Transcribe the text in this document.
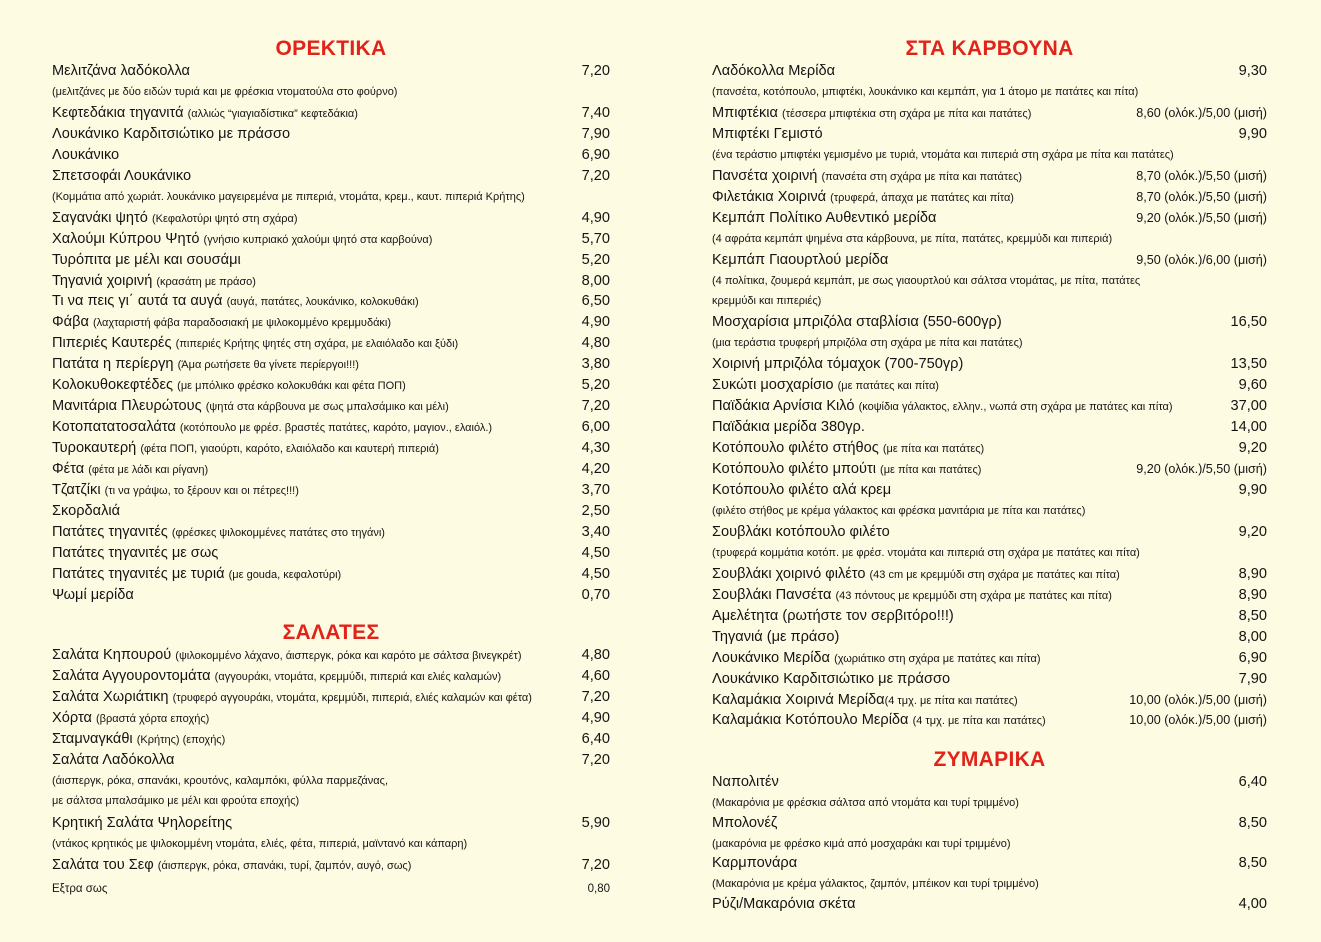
ΟΡΕΚΤΙΚΑ
Μελιτζάνα λαδόκολλα	7,20
(μελιτζάνες με δύο ειδών τυριά και με φρέσκια ντοματούλα στο φούρνο)
Κεφτεδάκια τηγανιτά (αλλιώς “γιαγιαδίστικα” κεφτεδάκια)	7,40
Λουκάνικο Καρδιτσιώτικο με πράσσο	7,90
Λουκάνικο	6,90
Σπετσοφάι Λουκάνικο	7,20
(Κομμάτια από χωριάτ. λουκάνικο μαγειρεμένα με πιπεριά, ντομάτα, κρεμ., καυτ. πιπεριά Κρήτης)
Σαγανάκι ψητό (Κεφαλοτύρι ψητό στη σχάρα)	4,90
Χαλούμι Κύπρου Ψητό (γνήσιο κυπριακό χαλούμι ψητό στα καρβούνα)	5,70
Τυρόπιτα με μέλι και σουσάμι	5,20
Τηγανιά χοιρινή (κρασάτη με πράσο)	8,00
Τι να πεις γι΄ αυτά τα αυγά (αυγά, πατάτες, λουκάνικο, κολοκυθάκι)	6,50
Φάβα (λαχταριστή φάβα παραδοσιακή με ψιλοκομμένο κρεμμυδάκι)	4,90
Πιπεριές Καυτερές (πιπεριές Κρήτης ψητές στη σχάρα, με ελαιόλαδο και ξύδι)	4,80
Πατάτα η περίεργη (Άμα ρωτήσετε θα γίνετε περίεργοι!!!)	3,80
Κολοκυθοκεφτέδες (με μπόλικο φρέσκο κολοκυθάκι και φέτα ΠΟΠ)	5,20
Μανιτάρια Πλευρώτους (ψητά στα κάρβουνα με σως μπαλσάμικο και μέλι)	7,20
Κοτοπατατοσαλάτα (κοτόπουλο με φρέσ. βραστές πατάτες, καρότο, μαγιον., ελαιόλ.)	6,00
Τυροκαυτερή (φέτα ΠΟΠ, γιαούρτι, καρότο, ελαιόλαδο και καυτερή πιπεριά)	4,30
Φέτα (φέτα με λάδι και ρίγανη)	4,20
Τζατζίκι (τι να γράψω, το ξέρουν και οι πέτρες!!!)	3,70
Σκορδαλιά	2,50
Πατάτες τηγανιτές (φρέσκες ψιλοκομμένες πατάτες στο τηγάνι)	3,40
Πατάτες τηγανιτές με σως	4,50
Πατάτες τηγανιτές με τυριά (με gouda, κεφαλοτύρι)	4,50
Ψωμί μερίδα	0,70
ΣΑΛΑΤΕΣ
Σαλάτα Κηπουρού (ψιλοκομμένο λάχανο, άισπεργκ, ρόκα και καρότο με σάλτσα βινεγκρέτ)	4,80
Σαλάτα Αγγουροντομάτα (αγγουράκι, ντομάτα, κρεμμύδι, πιπεριά και ελιές καλαμών)	4,60
Σαλάτα Χωριάτικη (τρυφερό αγγουράκι, ντομάτα, κρεμμύδι, πιπεριά, ελιές καλαμών και φέτα)	7,20
Χόρτα (βραστά χόρτα εποχής)	4,90
Σταμναγκάθι (Κρήτης) (εποχής)	6,40
Σαλάτα Λαδόκολλα	7,20
(άισπεργκ, ρόκα, σπανάκι, κρουτόνς, καλαμπόκι, φύλλα παρμεζάνας,
με σάλτσα μπαλσάμικο με μέλι και φρούτα εποχής)
Κρητική Σαλάτα Ψηλορείτης	5,90
(ντάκος κρητικός με ψιλοκομμένη ντομάτα, ελιές, φέτα, πιπεριά, μαϊντανό και κάπαρη)
Σαλάτα του Σεφ (άισπεργκ, ρόκα, σπανάκι, τυρί, ζαμπόν, αυγό, σως)	7,20
Εξτρα σως	0,80
ΣΤΑ ΚΑΡΒΟΥΝΑ
Λαδόκολλα Μερίδα	9,30
(πανσέτα, κοτόπουλο, μπιφτέκι, λουκάνικο και κεμπάπ, για 1 άτομο με πατάτες και πίτα)
Μπιφτέκια (τέσσερα μπιφτέκια στη σχάρα με πίτα και πατάτες)	8,60 (ολόκ.)/5,00 (μισή)
Μπιφτέκι Γεμιστό	9,90
(ένα τεράστιο μπιφτέκι γεμισμένο με τυριά, ντομάτα και πιπεριά στη σχάρα με πίτα και πατάτες)
Πανσέτα χοιρινή (πανσέτα στη σχάρα με πίτα και πατάτες)	8,70 (ολόκ.)/5,50 (μισή)
Φιλετάκια Χοιρινά (τρυφερά, άπαχα με πατάτες και πίτα)	8,70 (ολόκ.)/5,50 (μισή)
Κεμπάπ Πολίτικο Αυθεντικό μερίδα	9,20 (ολόκ.)/5,50 (μισή)
(4 αφράτα κεμπάπ ψημένα στα κάρβουνα, με πίτα, πατάτες, κρεμμύδι και πιπεριά)
Κεμπάπ Γιαουρτλού μερίδα	9,50 (ολόκ.)/6,00 (μισή)
(4 πολίτικα, ζουμερά κεμπάπ, με σως γιαουρτλού και σάλτσα ντομάτας, με πίτα, πατάτες
κρεμμύδι και πιπεριές)
Μοσχαρίσια μπριζόλα σταβλίσια (550-600γρ)	16,50
(μια τεράστια τρυφερή μπριζόλα στη σχάρα με πίτα και πατάτες)
Χοιρινή μπριζόλα τόμαχοκ (700-750γρ)	13,50
Συκώτι μοσχαρίσιο (με πατάτες και πίτα)	9,60
Παϊδάκια Αρνίσια Κιλό (κοψίδια γάλακτος, ελλην., νωπά στη σχάρα με πατάτες και πίτα)	37,00
Παϊδάκια μερίδα 380γρ.	14,00
Κοτόπουλο φιλέτο στήθος (με πίτα και πατάτες)	9,20
Κοτόπουλο φιλέτο μπούτι (με πίτα και πατάτες)	9,20 (ολόκ.)/5,50 (μισή)
Κοτόπουλο φιλέτο αλά κρεμ	9,90
(φιλέτο στήθος με κρέμα γάλακτος και φρέσκα μανιτάρια με πίτα και πατάτες)
Σουβλάκι κοτόπουλο φιλέτο	9,20
(τρυφερά κομμάτια κοτόπ. με φρέσ. ντομάτα και πιπεριά στη σχάρα με πατάτες και πίτα)
Σουβλάκι χοιρινό φιλέτο (43 cm με κρεμμύδι στη σχάρα με πατάτες και πίτα)	8,90
Σουβλάκι Πανσέτα (43 πόντους με κρεμμύδι στη σχάρα με πατάτες και πίτα)	8,90
Αμελέτητα (ρωτήστε τον σερβιτόρο!!!)	8,50
Τηγανιά (με πράσο)	8,00
Λουκάνικο Μερίδα (χωριάτικο στη σχάρα με πατάτες και πίτα)	6,90
Λουκάνικο Καρδιτσιώτικο με πράσσο	7,90
Καλαμάκια Χοιρινά Μερίδα(4 τμχ. με πίτα και πατάτες)	10,00 (ολόκ.)/5,00 (μισή)
Καλαμάκια Κοτόπουλο Μερίδα (4 τμχ. με πίτα και πατάτες)	10,00 (ολόκ.)/5,00 (μισή)
ΖΥΜΑΡΙΚΑ
Ναπολιτέν	6,40
(Μακαρόνια με φρέσκια σάλτσα από ντομάτα και τυρί τριμμένο)
Μπολονέζ	8,50
(μακαρόνια με φρέσκο κιμά από μοσχαράκι και τυρί τριμμένο)
Καρμπονάρα	8,50
(Μακαρόνια με κρέμα γάλακτος, ζαμπόν, μπέικον και τυρί τριμμένο)
Ρύζι/Μακαρόνια σκέτα	4,00
